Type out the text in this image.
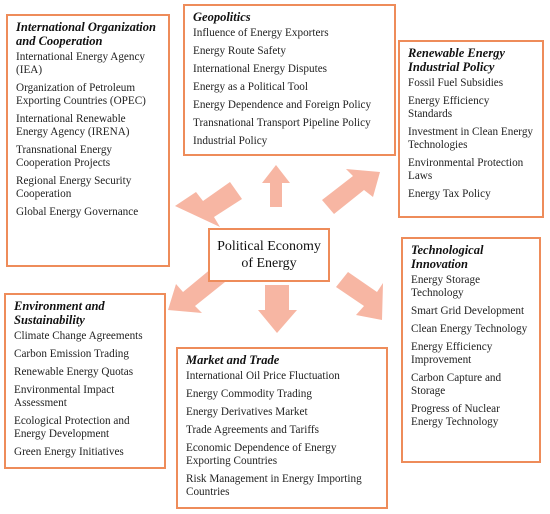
International Organization and Cooperation
International Energy Agency (IEA)
Organization of Petroleum Exporting Countries (OPEC)
International Renewable Energy Agency (IRENA)
Transnational Energy Cooperation Projects
Regional Energy Security Cooperation
Global Energy Governance
Geopolitics
Influence of Energy Exporters
Energy Route Safety
International Energy Disputes
Energy as a Political Tool
Energy Dependence and Foreign Policy
Transnational Transport Pipeline Policy
Industrial Policy
Renewable Energy Industrial Policy
Fossil Fuel Subsidies
Energy Efficiency Standards
Investment in Clean Energy Technologies
Environmental Protection Laws
Energy Tax Policy
Political Economy of Energy
Technological Innovation
Energy Storage Technology
Smart Grid Development
Clean Energy Technology
Energy Efficiency Improvement
Carbon Capture and Storage
Progress of Nuclear Energy Technology
Environment and Sustainability
Climate Change Agreements
Carbon Emission Trading
Renewable Energy Quotas
Environmental Impact Assessment
Ecological Protection and Energy Development
Green Energy Initiatives
Market and Trade
International Oil Price Fluctuation
Energy Commodity Trading
Energy Derivatives Market
Trade Agreements and Tariffs
Economic Dependence of Energy Exporting Countries
Risk Management in Energy Importing Countries
